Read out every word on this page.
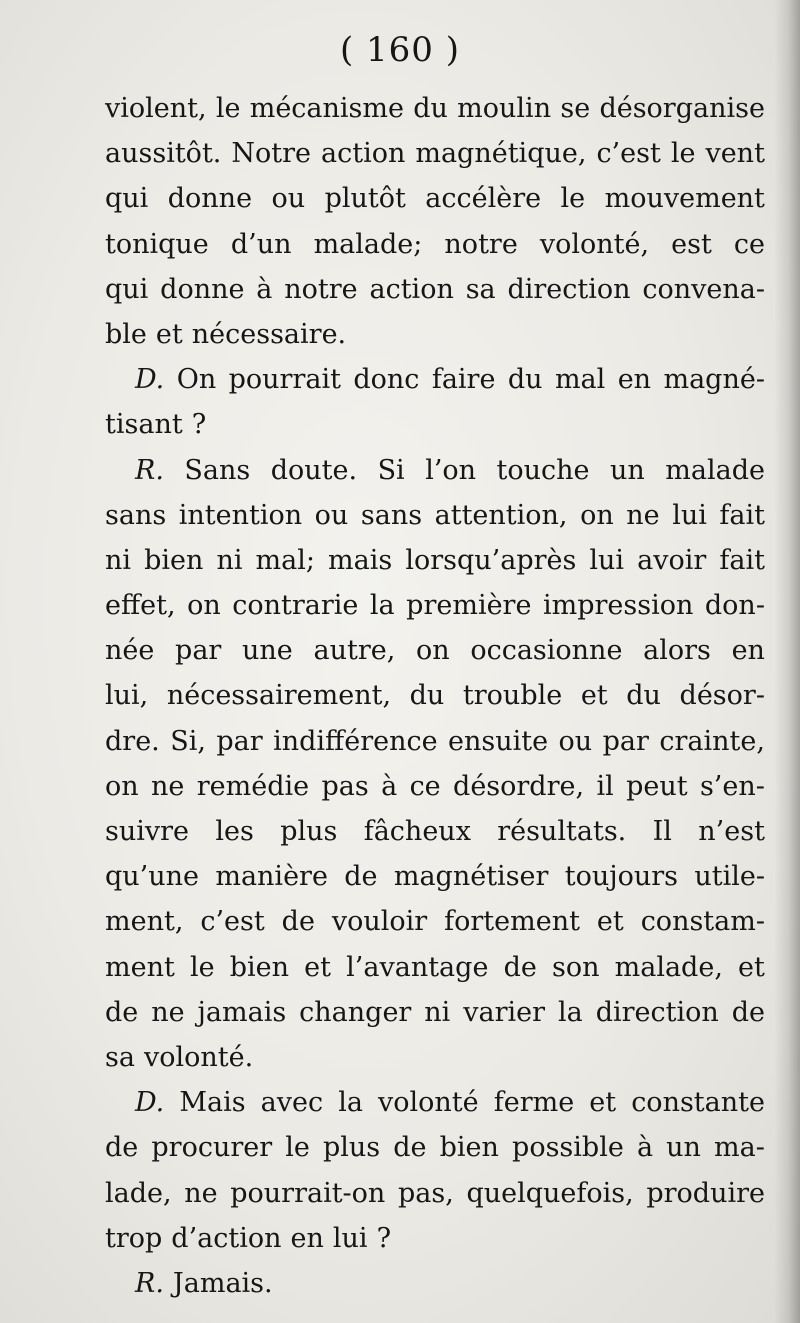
( 160 )
violent, le mécanisme du moulin se désorganise
aussitôt. Notre action magnétique, c’est le vent
qui donne ou plutôt accélère le mouvement
tonique d’un malade; notre volonté, est ce
qui donne à notre action sa direction convena-
ble et nécessaire.
D. On pourrait donc faire du mal en magné-
tisant ?
R. Sans doute. Si l’on touche un malade
sans intention ou sans attention, on ne lui fait
ni bien ni mal; mais lorsqu’après lui avoir fait
effet, on contrarie la première impression don-
née par une autre, on occasionne alors en
lui, nécessairement, du trouble et du désor-
dre. Si, par indifférence ensuite ou par crainte,
on ne remédie pas à ce désordre, il peut s’en-
suivre les plus fâcheux résultats. Il n’est
qu’une manière de magnétiser toujours utile-
ment, c’est de vouloir fortement et constam-
ment le bien et l’avantage de son malade, et
de ne jamais changer ni varier la direction de
sa volonté.
D. Mais avec la volonté ferme et constante
de procurer le plus de bien possible à un ma-
lade, ne pourrait-on pas, quelquefois, produire
trop d’action en lui ?
R. Jamais.
